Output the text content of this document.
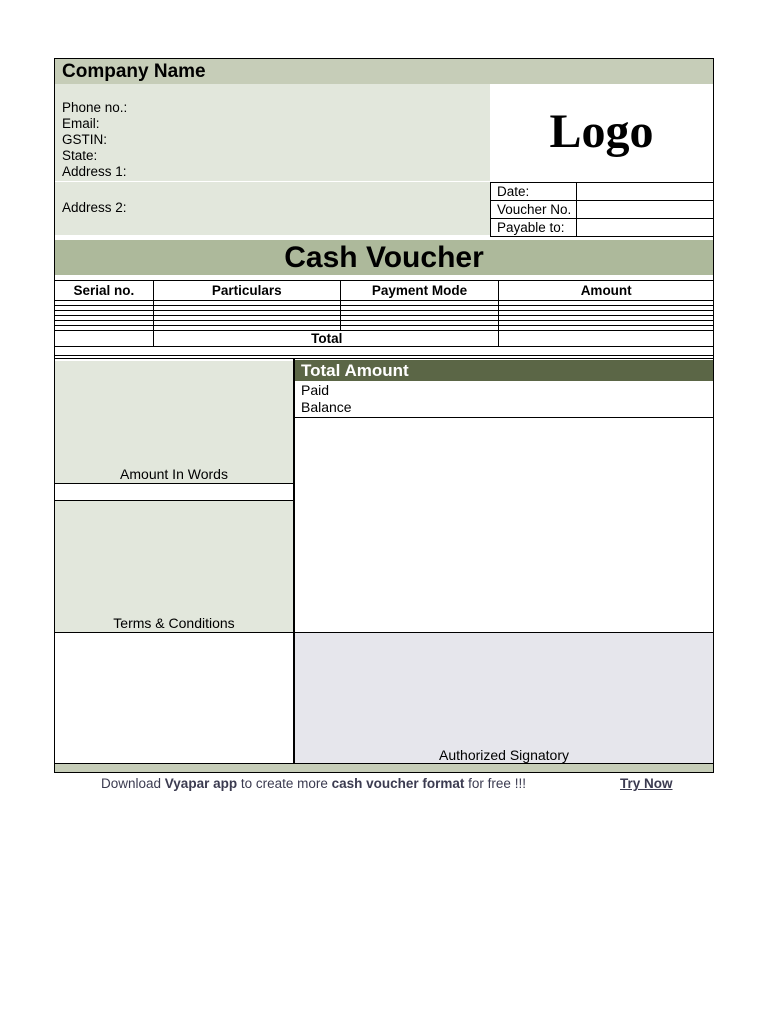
Company Name
Phone no.:
Email:
GSTIN:
State:
Address 1:
Address 2:
Logo
Date:	
Voucher No.	
Payable to:	
Cash Voucher
Serial no.	Particulars	Payment Mode	Amount

	Total		
Amount In Words
Terms & Conditions
Total Amount
Paid
Balance
Authorized Signatory
Download Vyapar app to create more cash voucher format for free !!!	Try Now
